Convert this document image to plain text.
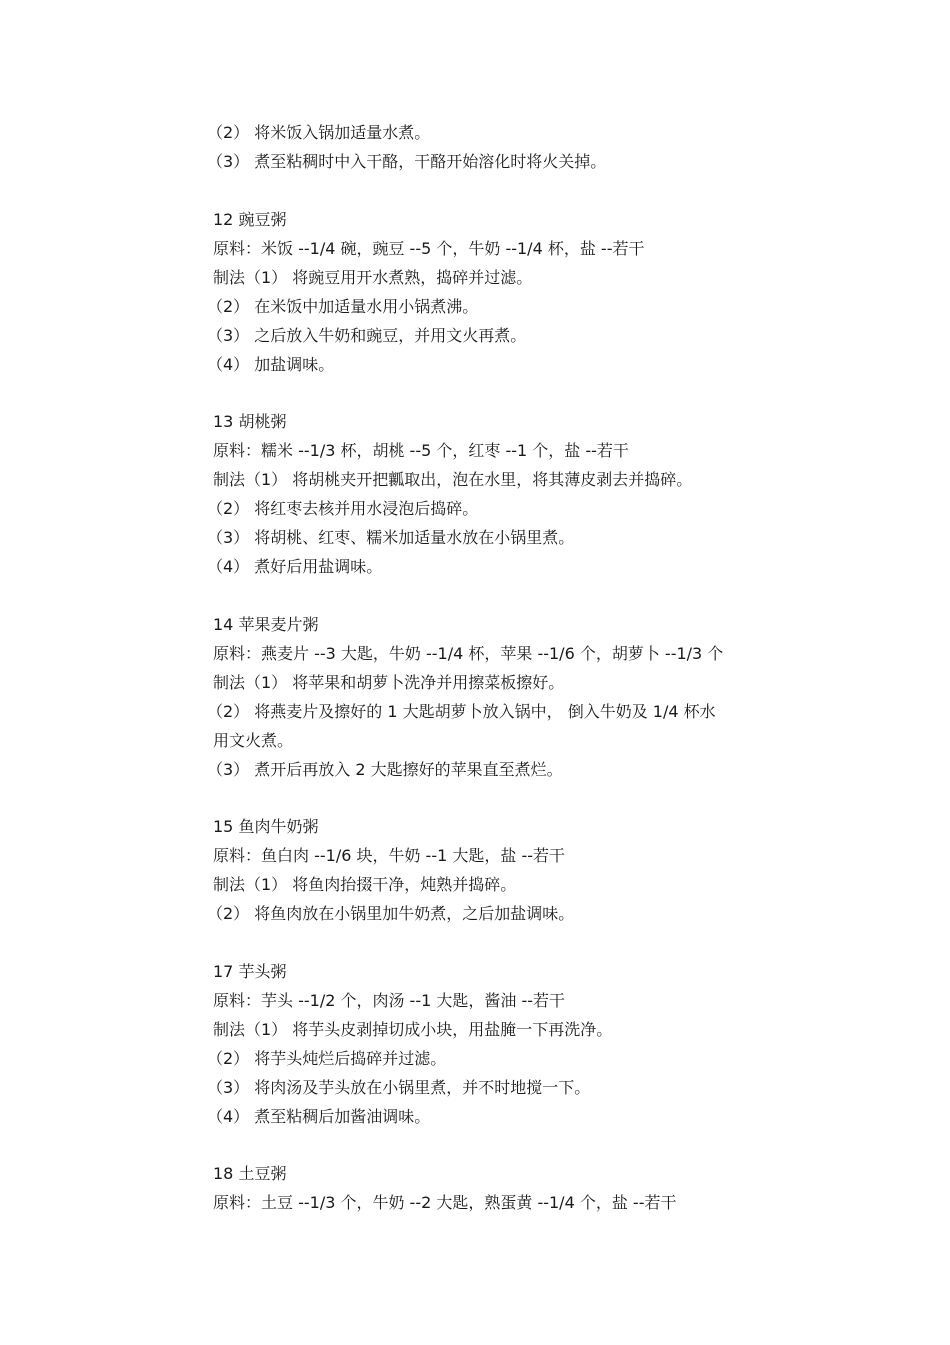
（2） 将米饭入锅加适量水煮。
（3） 煮至粘稠时中入干酪，干酪开始溶化时将火关掉。
12 豌豆粥
原料：米饭 --1/4 碗，豌豆 --5 个，牛奶 --1/4 杯，盐 --若干
制法（1） 将豌豆用开水煮熟，捣碎并过滤。
（2） 在米饭中加适量水用小锅煮沸。
（3） 之后放入牛奶和豌豆，并用文火再煮。
（4） 加盐调味。
13 胡桃粥
原料：糯米 --1/3 杯，胡桃 --5 个，红枣 --1 个，盐 --若干
制法（1） 将胡桃夹开把瓤取出，泡在水里，将其薄皮剥去并捣碎。
（2） 将红枣去核并用水浸泡后捣碎。
（3） 将胡桃、红枣、糯米加适量水放在小锅里煮。
（4） 煮好后用盐调味。
14 苹果麦片粥
原料：燕麦片 --3 大匙，牛奶 --1/4 杯，苹果 --1/6 个，胡萝卜 --1/3 个
制法（1） 将苹果和胡萝卜洗净并用擦菜板擦好。
（2） 将燕麦片及擦好的 1 大匙胡萝卜放入锅中， 倒入牛奶及 1/4 杯水
用文火煮。
（3） 煮开后再放入 2 大匙擦好的苹果直至煮烂。
15 鱼肉牛奶粥
原料：鱼白肉 --1/6 块，牛奶 --1 大匙，盐 --若干
制法（1） 将鱼肉抬掇干净，炖熟并捣碎。
（2） 将鱼肉放在小锅里加牛奶煮，之后加盐调味。
17 芋头粥
原料：芋头 --1/2 个，肉汤 --1 大匙，酱油 --若干
制法（1） 将芋头皮剥掉切成小块，用盐腌一下再洗净。
（2） 将芋头炖烂后捣碎并过滤。
（3） 将肉汤及芋头放在小锅里煮，并不时地搅一下。
（4） 煮至粘稠后加酱油调味。
18 土豆粥
原料：土豆 --1/3 个，牛奶 --2 大匙，熟蛋黄 --1/4 个，盐 --若干
